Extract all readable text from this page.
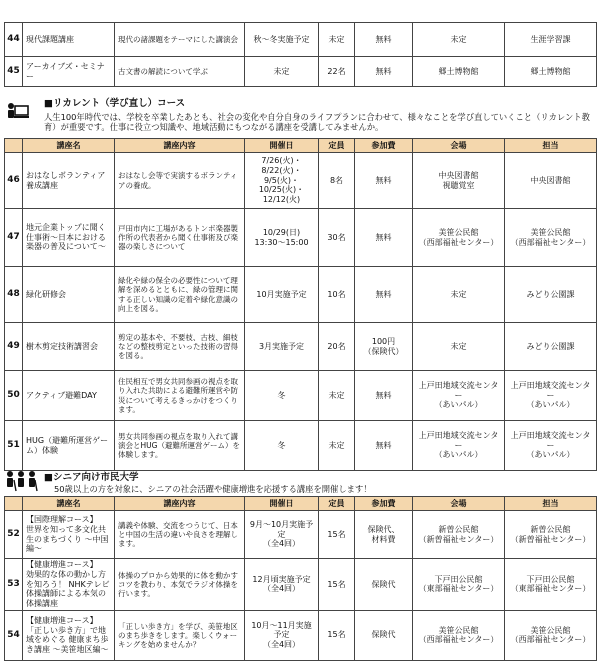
44	現代課題講座	現代の諸課題をテーマにした講演会	秋～冬実施予定	未定	無料	未定	生涯学習課
45	アーカイブズ・セミナー	古文書の解読について学ぶ	未定	22名	無料	郷土博物館	郷土博物館
■リカレント（学び直し）コース
人生100年時代では、学校を卒業したあとも、社会の変化や自分自身のライフプランに合わせて、様々なことを学び直していくこと（リカレント教育）が重要です。仕事に役立つ知識や、地域活動にもつながる講座を受講してみませんか。
	講座名	講座内容	開催日	定員	参加費	会場	担当
46	おはなしボランティア養成講座	おはなし会等で実演するボランティアの養成。	7/26(火)・
8/22(火)・
9/5(火)・
10/25(火)・
12/12(火)	8名	無料	中央図書館
視聴覚室	中央図書館
47	地元企業トップに聞く仕事術～日本における楽器の普及について～	戸田市内に工場があるトンボ楽器製作所の代表者から聞く仕事術及び楽器の楽しさについて	10/29(日)
13:30～15:00	30名	無料	美笹公民館
（西部福祉センター）	美笹公民館
（西部福祉センター）
48	緑化研修会	緑化や緑の保全の必要性について理解を深めるとともに、緑の管理に関する正しい知識の定着や緑化意識の向上を図る。	10月実施予定	10名	無料	未定	みどり公園課
49	樹木剪定技術講習会	剪定の基本や、不要枝、古枝、細枝などの整枝剪定といった技術の習得を図る。	3月実施予定	20名	100円
（保険代）	未定	みどり公園課
50	アクティブ避難DAY	住民相互で男女共同参画の視点を取り入れた共助による避難所運営や防災について考えるきっかけをつくります。	冬	未定	無料	上戸田地域交流センター
（あいパル）	上戸田地域交流センター
（あいパル）
51	HUG（避難所運営ゲーム）体験	男女共同参画の視点を取り入れて講演会とHUG（避難所運営ゲーム）を体験します。	冬	未定	無料	上戸田地域交流センター
（あいパル）	上戸田地域交流センター
（あいパル）
■シニア向け市民大学
50歳以上の方を対象に、シニアの社会活躍や健康増進を応援する講座を開催します！
	講座名	講座内容	開催日	定員	参加費	会場	担当
52	【国際理解コース】
世界を知って多文化共生のまちづくり ～中国編～	講義や体験、交流をつうじて、日本と中国の生活の違いや良さを理解します。	9月～10月実施予定
（全4回）	15名	保険代、
材料費	新曽公民館
（新曽福祉センター）	新曽公民館
（新曽福祉センター）
53	【健康増進コース】
効果的な体の動かし方を知ろう！ NHKテレビ体操講師による本気の体操講座	体操のプロから効果的に体を動かすコツを教わり、本気でラジオ体操を行います。	12月頃実施予定
（全4回）	15名	保険代	下戸田公民館
（東部福祉センター）	下戸田公民館
（東部福祉センター）
54	【健康増進コース】
「正しい歩き方」で地域をめぐる 健康まち歩き講座 ～美笹地区編～	「正しい歩き方」を学び、美笹地区のまち歩きをします。楽しくウォーキングを始めませんか？	10月～11月実施予定
（全4回）	15名	保険代	美笹公民館
（西部福祉センター）	美笹公民館
（西部福祉センター）
